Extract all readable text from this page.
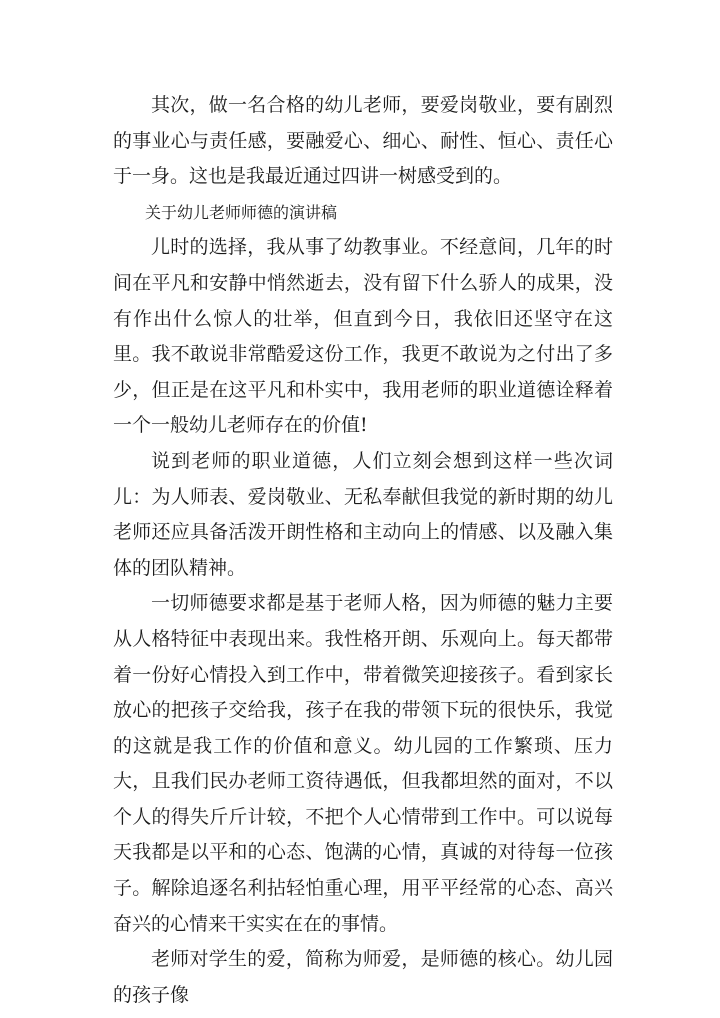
其次，做一名合格的幼儿老师，要爱岗敬业，要有剧烈的事业心与责任感，要融爱心、细心、耐性、恒心、责任心于一身。这也是我最近通过四讲一树感受到的。

关于幼儿老师师德的演讲稿

儿时的选择，我从事了幼教事业。不经意间，几年的时间在平凡和安静中悄然逝去，没有留下什么骄人的成果，没有作出什么惊人的壮举，但直到今日，我依旧还坚守在这里。我不敢说非常酷爱这份工作，我更不敢说为之付出了多少，但正是在这平凡和朴实中，我用老师的职业道德诠释着一个一般幼儿老师存在的价值!

说到老师的职业道德，人们立刻会想到这样一些次词儿：为人师表、爱岗敬业、无私奉献但我觉的新时期的幼儿老师还应具备活泼开朗性格和主动向上的情感、以及融入集体的团队精神。

一切师德要求都是基于老师人格，因为师德的魅力主要从人格特征中表现出来。我性格开朗、乐观向上。每天都带着一份好心情投入到工作中，带着微笑迎接孩子。看到家长放心的把孩子交给我，孩子在我的带领下玩的很快乐，我觉的这就是我工作的价值和意义。幼儿园的工作繁琐、压力大，且我们民办老师工资待遇低，但我都坦然的面对，不以个人的得失斤斤计较，不把个人心情带到工作中。可以说每天我都是以平和的心态、饱满的心情，真诚的对待每一位孩子。解除追逐名利拈轻怕重心理，用平平经常的心态、高兴奋兴的心情来干实实在在的事情。

老师对学生的爱，简称为师爱，是师德的核心。幼儿园的孩子像
